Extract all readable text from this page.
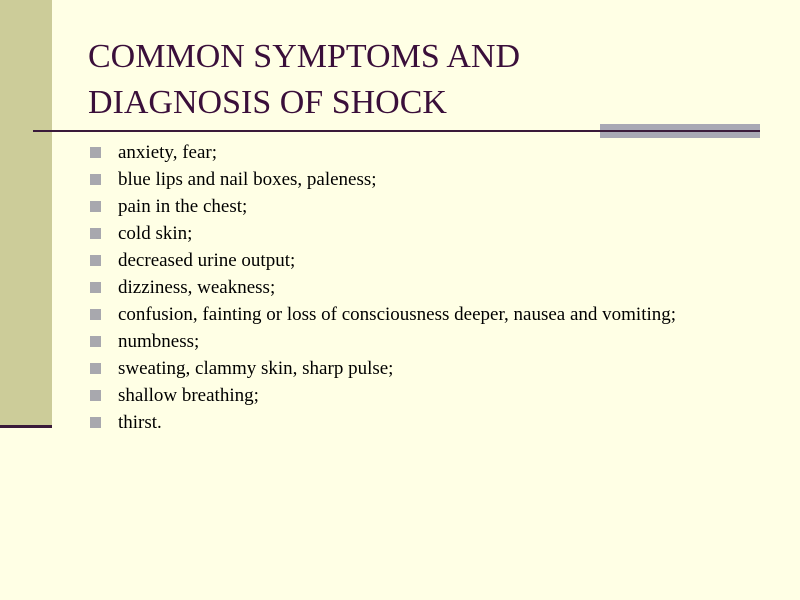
COMMON SYMPTOMS AND
DIAGNOSIS OF SHOCK
anxiety, fear;
blue lips and nail boxes, paleness;
pain in the chest;
cold skin;
decreased urine output;
dizziness, weakness;
confusion, fainting or loss of consciousness deeper, nausea and vomiting;
numbness;
sweating, clammy skin, sharp pulse;
shallow breathing;
thirst.
